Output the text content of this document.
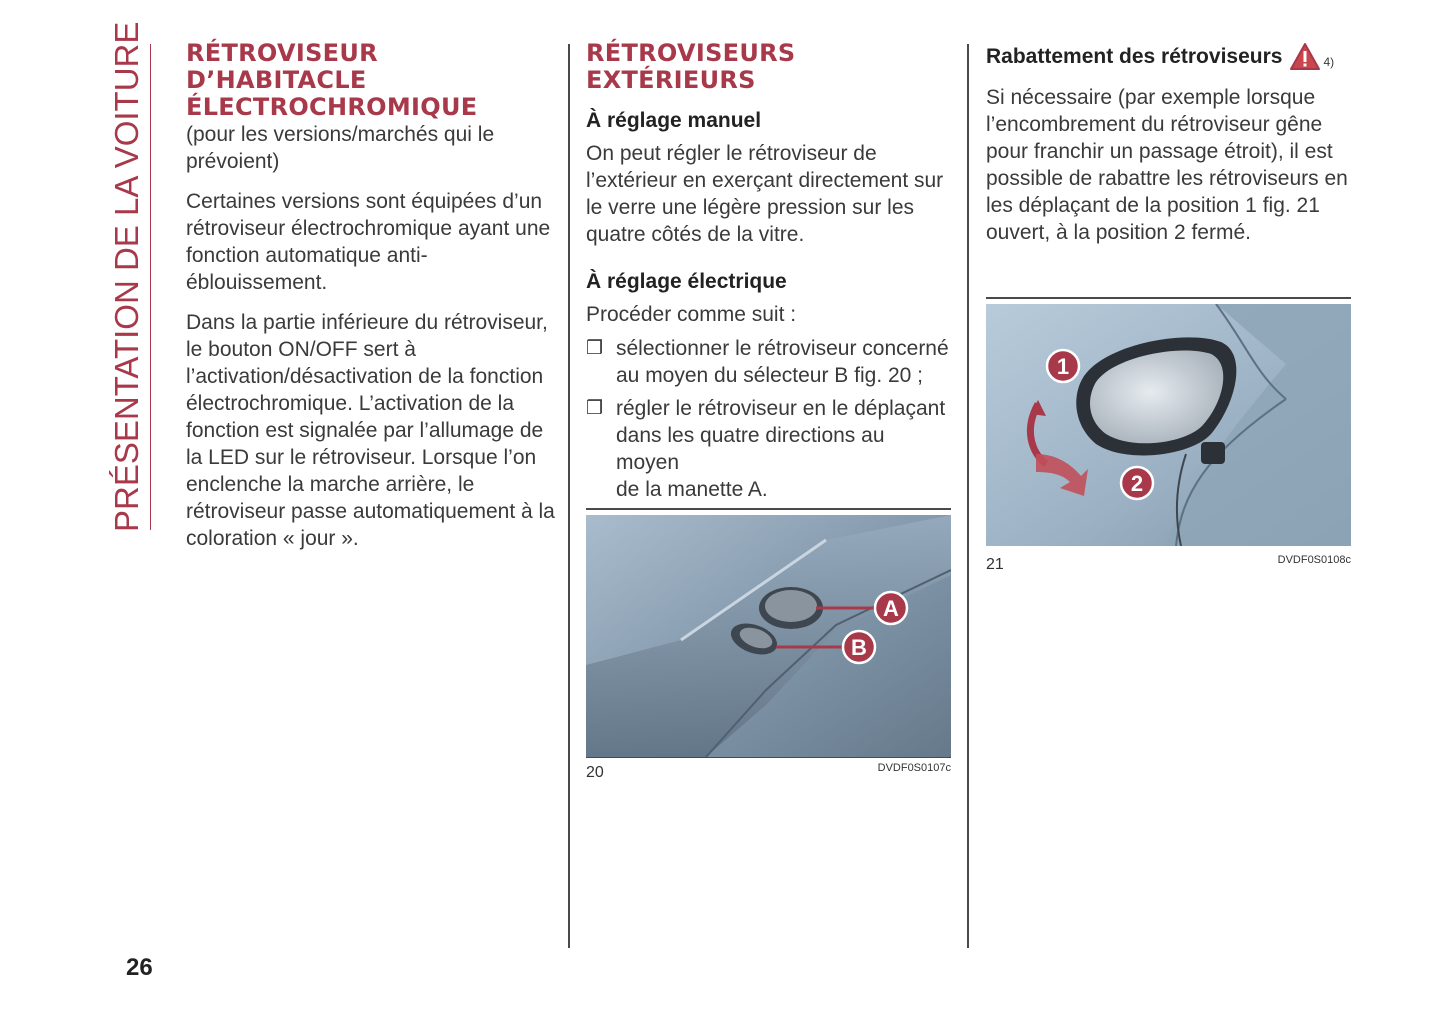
PRÉSENTATION DE LA VOITURE
26
RÉTROVISEUR
D’HABITACLE
ÉLECTROCHROMIQUE

(pour les versions/marchés qui le
prévoient)

Certaines versions sont équipées d’un
rétroviseur électrochromique ayant une
fonction automatique anti-
éblouissement.

Dans la partie inférieure du rétroviseur,
le bouton ON/OFF sert à
l’activation/désactivation de la fonction
électrochromique. L’activation de la
fonction est signalée par l’allumage de
la LED sur le rétroviseur. Lorsque l’on
enclenche la marche arrière, le
rétroviseur passe automatiquement à la
coloration « jour ».

RÉTROVISEURS
EXTÉRIEURS
À réglage manuel

On peut régler le rétroviseur de
l’extérieur en exerçant directement sur
le verre une légère pression sur les
quatre côtés de la vitre.

À réglage électrique

Procéder comme suit :

❒ sélectionner le rétroviseur concerné
au moyen du sélecteur B fig. 20 ;
❒ régler le rétroviseur en le déplaçant
dans les quatre directions au moyen
de la manette A.
A
B
20	DVDF0S0107c
Rabattement des rétroviseurs	4)

Si nécessaire (par exemple lorsque
l’encombrement du rétroviseur gêne
pour franchir un passage étroit), il est
possible de rabattre les rétroviseurs en
les déplaçant de la position 1 fig. 21
ouvert, à la position 2 fermé.

1
2
21	DVDF0S0108c
